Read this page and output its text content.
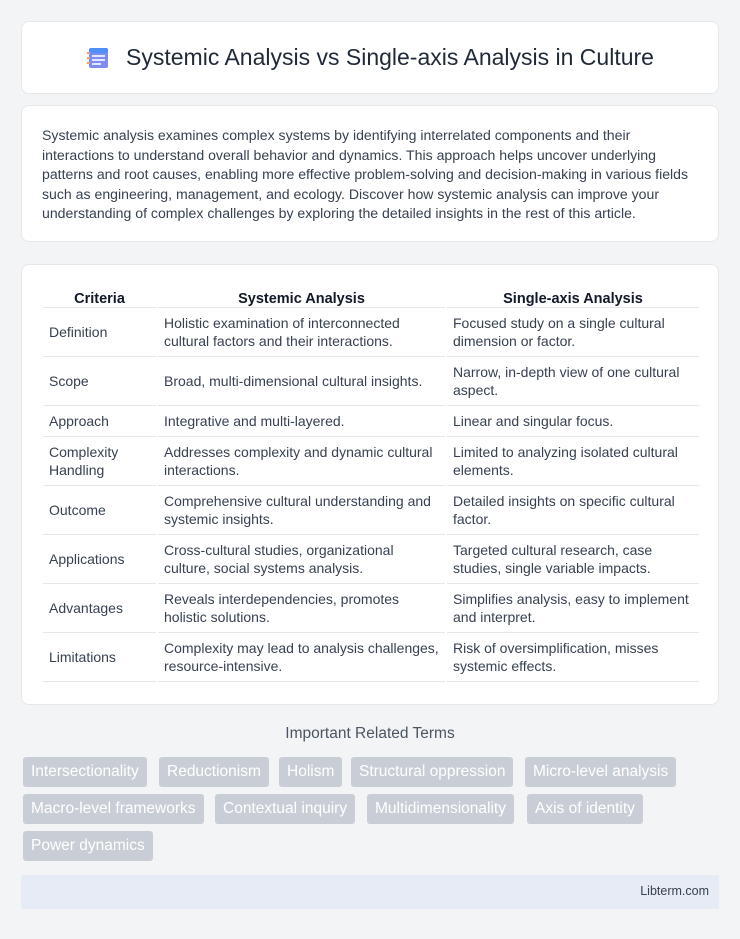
Systemic Analysis vs Single-axis Analysis in Culture

Systemic analysis examines complex systems by identifying interrelated components and their interactions to understand overall behavior and dynamics. This approach helps uncover underlying patterns and root causes, enabling more effective problem-solving and decision-making in various fields such as engineering, management, and ecology. Discover how systemic analysis can improve your understanding of complex challenges by exploring the detailed insights in the rest of this article.

Criteria	Systemic Analysis	Single-axis Analysis
Definition	Holistic examination of interconnected cultural factors and their interactions.	Focused study on a single cultural dimension or factor.
Scope	Broad, multi-dimensional cultural insights.	Narrow, in-depth view of one cultural aspect.
Approach	Integrative and multi-layered.	Linear and singular focus.
Complexity Handling	Addresses complexity and dynamic cultural interactions.	Limited to analyzing isolated cultural elements.
Outcome	Comprehensive cultural understanding and systemic insights.	Detailed insights on specific cultural factor.
Applications	Cross-cultural studies, organizational culture, social systems analysis.	Targeted cultural research, case studies, single variable impacts.
Advantages	Reveals interdependencies, promotes holistic solutions.	Simplifies analysis, easy to implement and interpret.
Limitations	Complexity may lead to analysis challenges, resource-intensive.	Risk of oversimplification, misses systemic effects.
Important Related Terms
Intersectionality	Reductionism	Holism	Structural oppression	Micro-level analysis
Macro-level frameworks	Contextual inquiry	Multidimensionality	Axis of identity
Power dynamics
Libterm.com
